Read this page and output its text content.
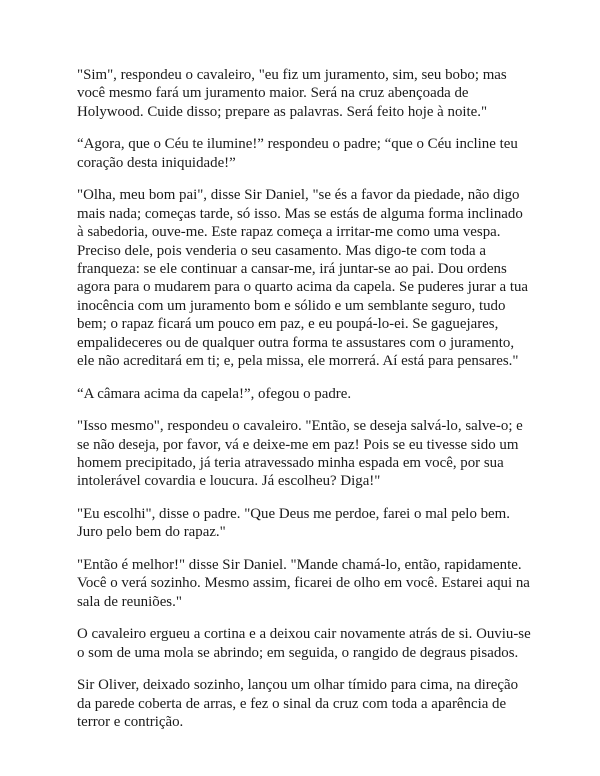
"Sim", respondeu o cavaleiro, "eu fiz um juramento, sim, seu bobo; mas você mesmo fará um juramento maior. Será na cruz abençoada de Holywood. Cuide disso; prepare as palavras. Será feito hoje à noite."

“Agora, que o Céu te ilumine!” respondeu o padre; “que o Céu incline teu coração desta iniquidade!”

"Olha, meu bom pai", disse Sir Daniel, "se és a favor da piedade, não digo mais nada; começas tarde, só isso. Mas se estás de alguma forma inclinado à sabedoria, ouve-me. Este rapaz começa a irritar-me como uma vespa. Preciso dele, pois venderia o seu casamento. Mas digo-te com toda a franqueza: se ele continuar a cansar-me, irá juntar-se ao pai. Dou ordens agora para o mudarem para o quarto acima da capela. Se puderes jurar a tua inocência com um juramento bom e sólido e um semblante seguro, tudo bem; o rapaz ficará um pouco em paz, e eu poupá-lo-ei. Se gaguejares, empalideceres ou de qualquer outra forma te assustares com o juramento, ele não acreditará em ti; e, pela missa, ele morrerá. Aí está para pensares."

“A câmara acima da capela!”, ofegou o padre.

"Isso mesmo", respondeu o cavaleiro. "Então, se deseja salvá-lo, salve-o; e se não deseja, por favor, vá e deixe-me em paz! Pois se eu tivesse sido um homem precipitado, já teria atravessado minha espada em você, por sua intolerável covardia e loucura. Já escolheu? Diga!"

"Eu escolhi", disse o padre. "Que Deus me perdoe, farei o mal pelo bem. Juro pelo bem do rapaz."

"Então é melhor!" disse Sir Daniel. "Mande chamá-lo, então, rapidamente. Você o verá sozinho. Mesmo assim, ficarei de olho em você. Estarei aqui na sala de reuniões."

O cavaleiro ergueu a cortina e a deixou cair novamente atrás de si. Ouviu-se o som de uma mola se abrindo; em seguida, o rangido de degraus pisados.

Sir Oliver, deixado sozinho, lançou um olhar tímido para cima, na direção da parede coberta de arras, e fez o sinal da cruz com toda a aparência de terror e contrição.
